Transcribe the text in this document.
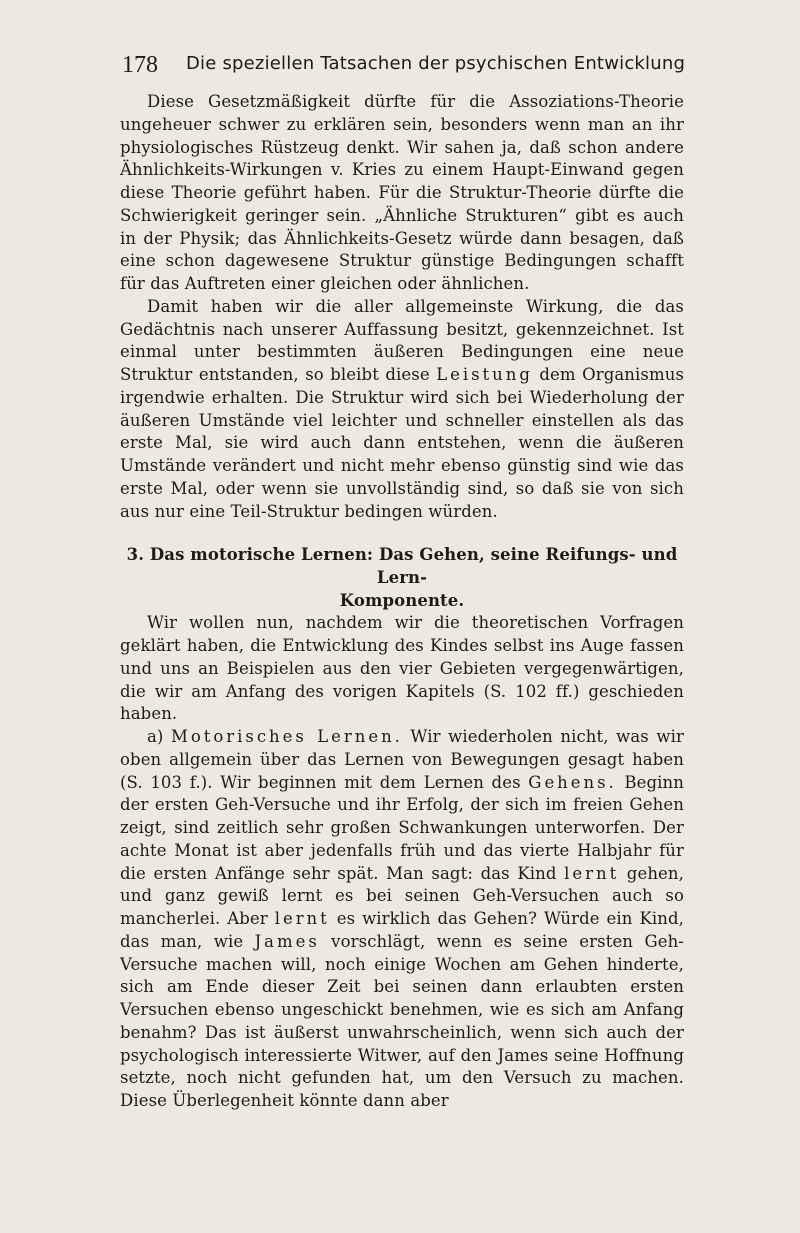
178 Die speziellen Tatsachen der psychischen Entwicklung

Diese Gesetzmäßigkeit dürfte für die Assoziations-Theorie ungeheuer schwer zu erklären sein, besonders wenn man an ihr physiologisches Rüstzeug denkt. Wir sahen ja, daß schon andere Ähnlichkeits-Wirkungen v. Kries zu einem Haupt-Einwand gegen diese Theorie geführt haben. Für die Struktur-Theorie dürfte die Schwierigkeit geringer sein. „Ähnliche Strukturen“ gibt es auch in der Physik; das Ähnlichkeits-Gesetz würde dann besagen, daß eine schon dagewesene Struktur günstige Bedingungen schafft für das Auftreten einer gleichen oder ähnlichen.

Damit haben wir die aller allgemeinste Wirkung, die das Gedächtnis nach unserer Auffassung besitzt, gekennzeichnet. Ist einmal unter bestimmten äußeren Bedingungen eine neue Struktur entstanden, so bleibt diese Leistung dem Organismus irgendwie erhalten. Die Struktur wird sich bei Wiederholung der äußeren Umstände viel leichter und schneller einstellen als das erste Mal, sie wird auch dann entstehen, wenn die äußeren Umstände verändert und nicht mehr ebenso günstig sind wie das erste Mal, oder wenn sie unvollständig sind, so daß sie von sich aus nur eine Teil-Struktur bedingen würden.

3. Das motorische Lernen: Das Gehen, seine Reifungs- und Lern-
Komponente.

Wir wollen nun, nachdem wir die theoretischen Vorfragen geklärt haben, die Entwicklung des Kindes selbst ins Auge fassen und uns an Beispielen aus den vier Gebieten vergegenwärtigen, die wir am Anfang des vorigen Kapitels (S. 102 ff.) geschieden haben.

a) Motorisches Lernen. Wir wiederholen nicht, was wir oben allgemein über das Lernen von Bewegungen gesagt haben (S. 103 f.). Wir beginnen mit dem Lernen des Gehens. Beginn der ersten Geh-Versuche und ihr Erfolg, der sich im freien Gehen zeigt, sind zeitlich sehr großen Schwankungen unterworfen. Der achte Monat ist aber jedenfalls früh und das vierte Halbjahr für die ersten Anfänge sehr spät. Man sagt: das Kind lernt gehen, und ganz gewiß lernt es bei seinen Geh-Versuchen auch so mancherlei. Aber lernt es wirklich das Gehen? Würde ein Kind, das man, wie James vorschlägt, wenn es seine ersten Geh-Versuche machen will, noch einige Wochen am Gehen hinderte, sich am Ende dieser Zeit bei seinen dann erlaubten ersten Versuchen ebenso ungeschickt benehmen, wie es sich am Anfang benahm? Das ist äußerst unwahrscheinlich, wenn sich auch der psychologisch interessierte Witwer, auf den James seine Hoffnung setzte, noch nicht gefunden hat, um den Versuch zu machen. Diese Überlegenheit könnte dann aber
